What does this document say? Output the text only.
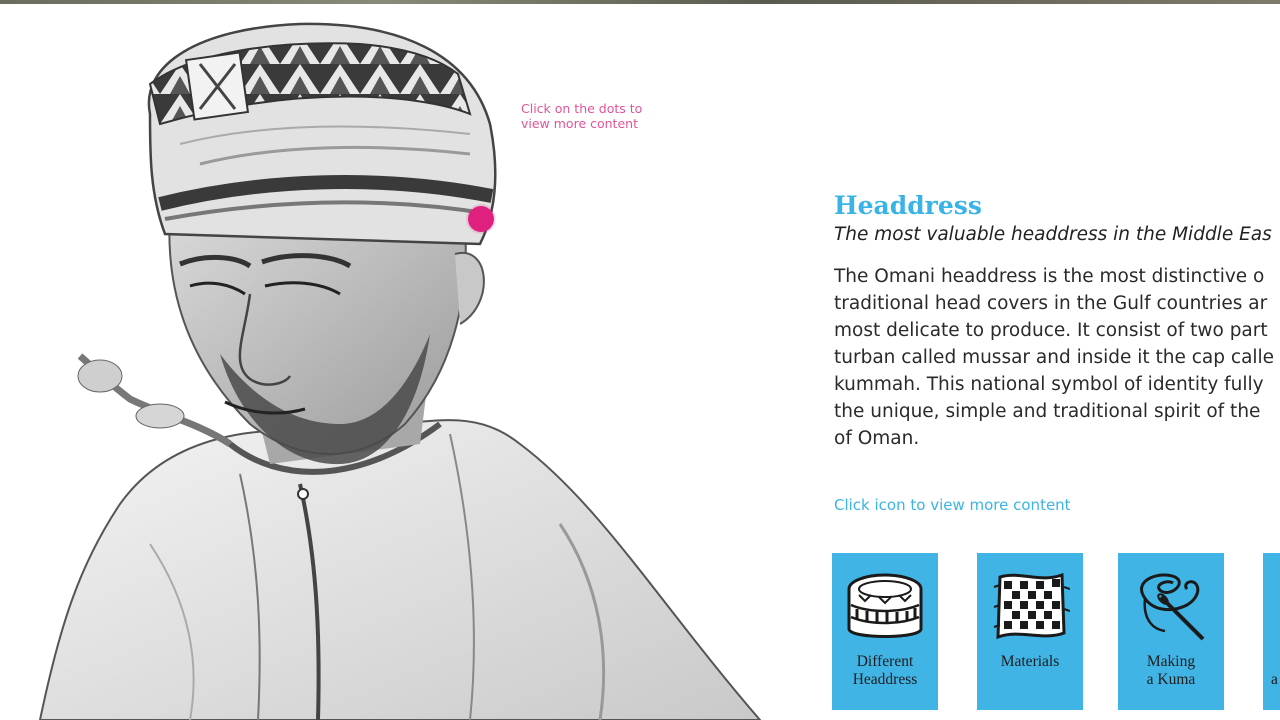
Click on the dots to
view more content
Headdress

The most valuable headdress in the Middle Eas

The Omani headdress is the most distinctive o
traditional head covers in the Gulf countries ar
most delicate to produce. It consist of two part
turban called mussar and inside it the cap calle
kummah. This national symbol of identity fully
the unique, simple and traditional spirit of the
of Oman.
Click icon to view more content
Different
Headdress
Materials	Making
a Kuma
	a
